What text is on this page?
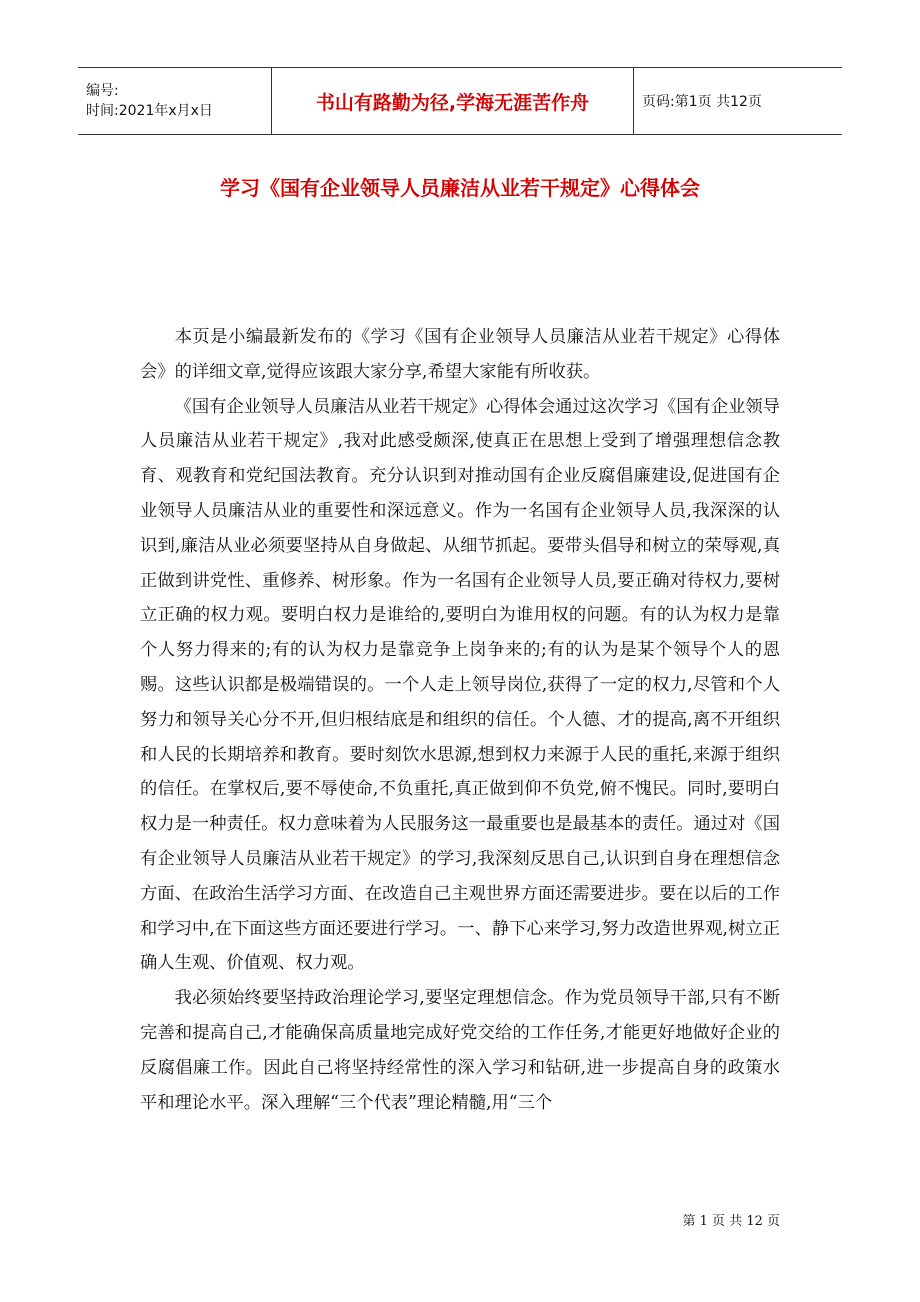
编号:
时间:2021年x月x日	书山有路勤为径,学海无涯苦作舟	页码:第1页 共12页
学习《国有企业领导人员廉洁从业若干规定》心得体会

本页是小编最新发布的《学习《国有企业领导人员廉洁从业若干规定》心得体会》的详细文章,觉得应该跟大家分享,希望大家能有所收获。

《国有企业领导人员廉洁从业若干规定》心得体会通过这次学习《国有企业领导人员廉洁从业若干规定》,我对此感受颇深,使真正在思想上受到了增强理想信念教育、观教育和党纪国法教育。充分认识到对推动国有企业反腐倡廉建设,促进国有企业领导人员廉洁从业的重要性和深远意义。作为一名国有企业领导人员,我深深的认识到,廉洁从业必须要坚持从自身做起、从细节抓起。要带头倡导和树立的荣辱观,真正做到讲党性、重修养、树形象。作为一名国有企业领导人员,要正确对待权力,要树立正确的权力观。要明白权力是谁给的,要明白为谁用权的问题。有的认为权力是靠个人努力得来的;有的认为权力是靠竞争上岗争来的;有的认为是某个领导个人的恩赐。这些认识都是极端错误的。一个人走上领导岗位,获得了一定的权力,尽管和个人努力和领导关心分不开,但归根结底是和组织的信任。个人德、才的提高,离不开组织和人民的长期培养和教育。要时刻饮水思源,想到权力来源于人民的重托,来源于组织的信任。在掌权后,要不辱使命,不负重托,真正做到仰不负党,俯不愧民。同时,要明白权力是一种责任。权力意味着为人民服务这一最重要也是最基本的责任。通过对《国有企业领导人员廉洁从业若干规定》的学习,我深刻反思自己,认识到自身在理想信念方面、在政治生活学习方面、在改造自己主观世界方面还需要进步。要在以后的工作和学习中,在下面这些方面还要进行学习。一、静下心来学习,努力改造世界观,树立正确人生观、价值观、权力观。

我必须始终要坚持政治理论学习,要坚定理想信念。作为党员领导干部,只有不断完善和提高自己,才能确保高质量地完成好党交给的工作任务,才能更好地做好企业的反腐倡廉工作。因此自己将坚持经常性的深入学习和钻研,进一步提高自身的政策水平和理论水平。深入理解“三个代表”理论精髓,用“三个

第 1 页 共 12 页
